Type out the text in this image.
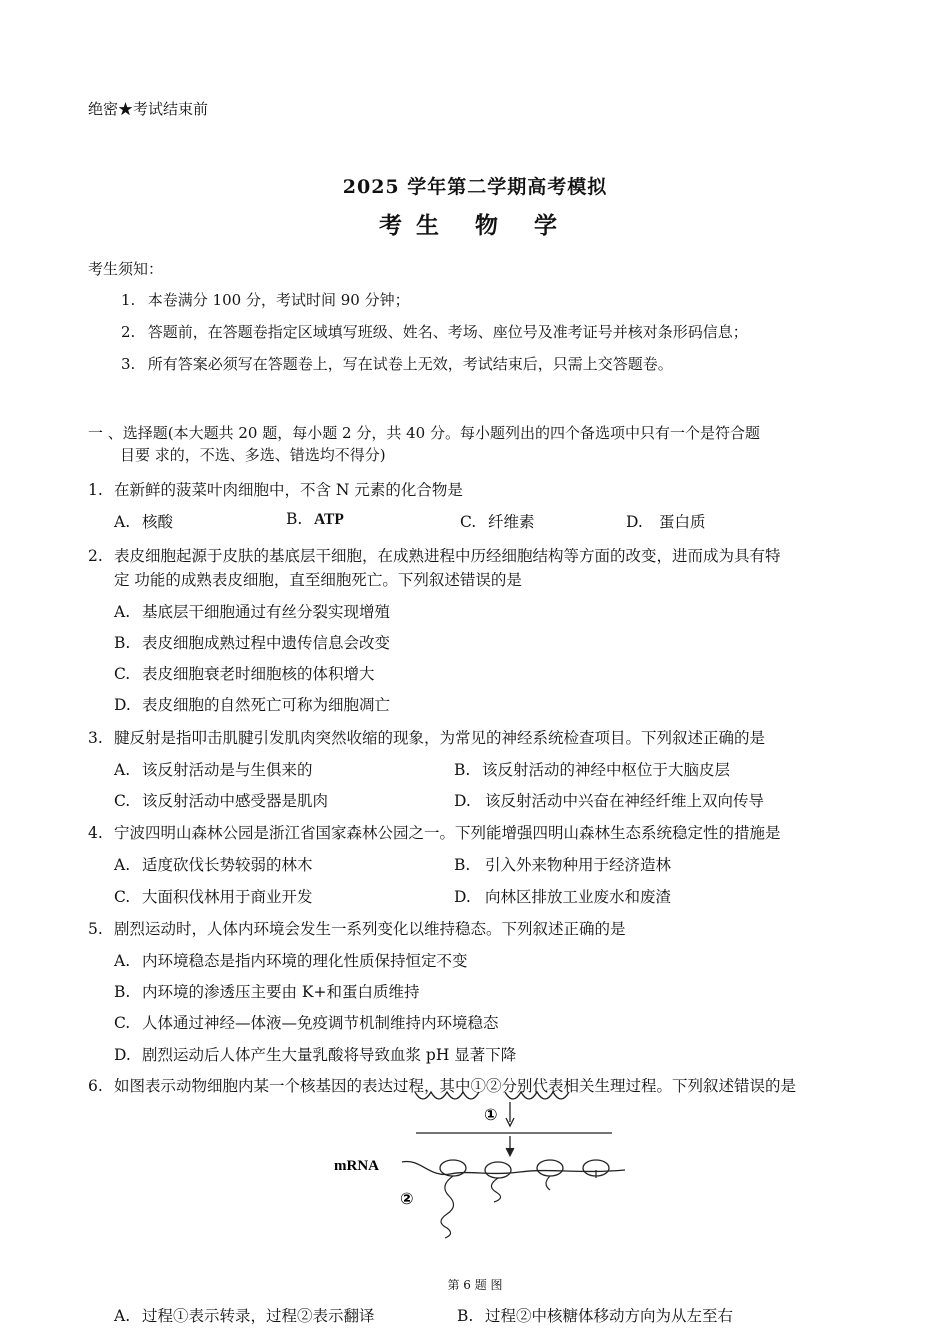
绝密★考试结束前
2025 学年第二学期高考模拟
考生 物 学
考生须知：
1. 本卷满分 100 分，考试时间 90 分钟；
2. 答题前，在答题卷指定区域填写班级、姓名、考场、座位号及准考证号并核对条形码信息；
3. 所有答案必须写在答题卷上，写在试卷上无效，考试结束后，只需上交答题卷。
一 、选择题(本大题共 20 题，每小题 2 分，共 40 分。每小题列出的四个备选项中只有一个是符合题
目要 求的，不选、多选、错选均不得分)
1. 在新鲜的菠菜叶肉细胞中，不含 N 元素的化合物是
A. 核酸	B. ATP	C. 纤维素	D. 蛋白质
2. 表皮细胞起源于皮肤的基底层干细胞，在成熟进程中历经细胞结构等方面的改变，进而成为具有特
定 功能的成熟表皮细胞，直至细胞死亡。下列叙述错误的是
A. 基底层干细胞通过有丝分裂实现增殖
B. 表皮细胞成熟过程中遗传信息会改变
C. 表皮细胞衰老时细胞核的体积增大
D. 表皮细胞的自然死亡可称为细胞凋亡
3. 腱反射是指叩击肌腱引发肌肉突然收缩的现象，为常见的神经系统检查项目。下列叙述正确的是
A. 该反射活动是与生俱来的	B. 该反射活动的神经中枢位于大脑皮层
C. 该反射活动中感受器是肌肉	D. 该反射活动中兴奋在神经纤维上双向传导
4. 宁波四明山森林公园是浙江省国家森林公园之一。下列能增强四明山森林生态系统稳定性的措施是
A. 适度砍伐长势较弱的林木	B. 引入外来物种用于经济造林
C. 大面积伐林用于商业开发	D. 向林区排放工业废水和废渣
5. 剧烈运动时，人体内环境会发生一系列变化以维持稳态。下列叙述正确的是
A. 内环境稳态是指内环境的理化性质保持恒定不变
B. 内环境的渗透压主要由 K+和蛋白质维持
C. 人体通过神经—体液—免疫调节机制维持内环境稳态
D. 剧烈运动后人体产生大量乳酸将导致血浆 pH 显著下降
6. 如图表示动物细胞内某一个核基因的表达过程，其中①②分别代表相关生理过程。下列叙述错误的是
①
mRNA
②
第 6 题 图
A. 过程①表示转录，过程②表示翻译	B. 过程②中核糖体移动方向为从左至右
